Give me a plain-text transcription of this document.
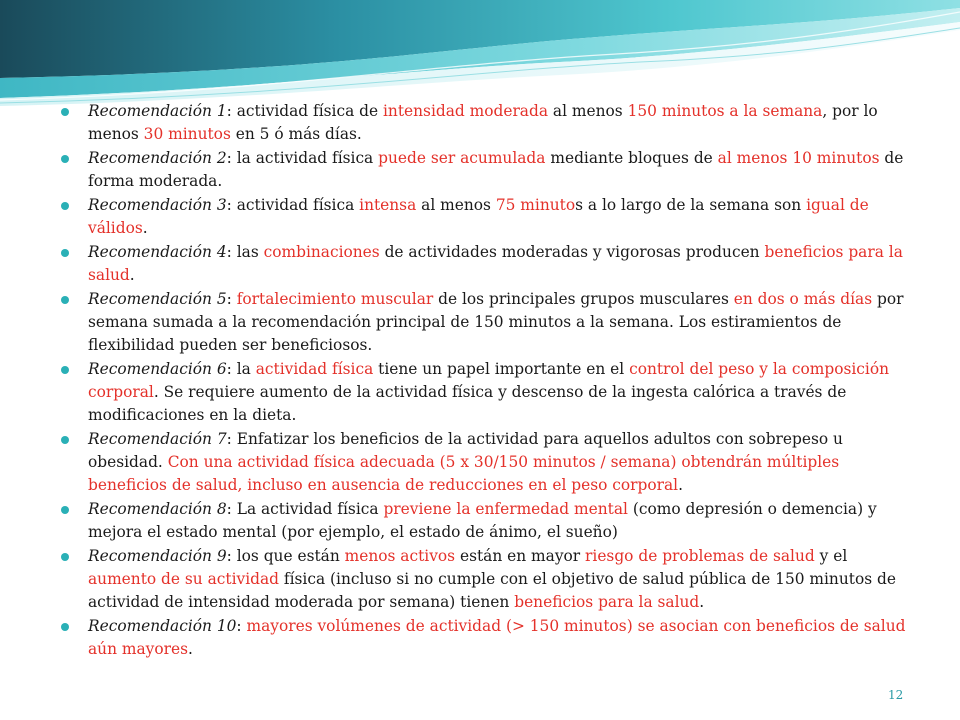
Recomendación 1: actividad física de intensidad moderada al menos 150 minutos a la semana, por lo menos 30 minutos en 5 ó más días.
Recomendación 2: la actividad física puede ser acumulada mediante bloques de al menos 10 minutos de forma moderada.
Recomendación 3: actividad física intensa al menos 75 minutos a lo largo de la semana son igual de válidos.
Recomendación 4: las combinaciones de actividades moderadas y vigorosas producen beneficios para la salud.
Recomendación 5: fortalecimiento muscular de los principales grupos musculares en dos o más días por semana sumada a la recomendación principal de 150 minutos a la semana. Los estiramientos de flexibilidad pueden ser beneficiosos.
Recomendación 6: la actividad física tiene un papel importante en el control del peso y la composición corporal. Se requiere aumento de la actividad física y descenso de la ingesta calórica a través de modificaciones en la dieta.
Recomendación 7: Enfatizar los beneficios de la actividad para aquellos adultos con sobrepeso u obesidad. Con una actividad física adecuada (5 x 30/150 minutos / semana) obtendrán múltiples beneficios de salud, incluso en ausencia de reducciones en el peso corporal.
Recomendación 8: La actividad física previene la enfermedad mental (como depresión o demencia) y mejora el estado mental (por ejemplo, el estado de ánimo, el sueño)
Recomendación 9: los que están menos activos están en mayor riesgo de problemas de salud y el aumento de su actividad física (incluso si no cumple con el objetivo de salud pública de 150 minutos de actividad de intensidad moderada por semana) tienen beneficios para la salud.
Recomendación 10: mayores volúmenes de actividad (> 150 minutos) se asocian con beneficios de salud aún mayores.
12
